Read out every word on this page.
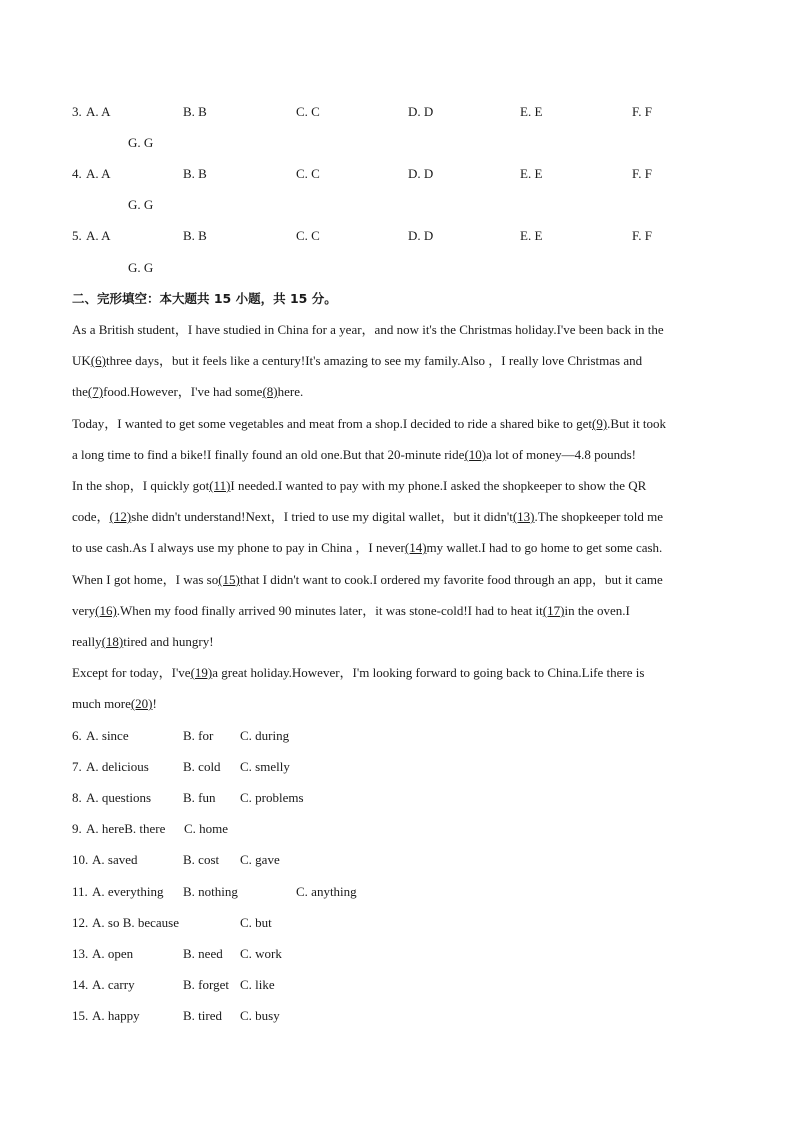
3. A. A	B. B	C. C	D. D	E. E	F. F
G. G
4. A. A	B. B	C. C	D. D	E. E	F. F
G. G
5. A. A	B. B	C. C	D. D	E. E	F. F
G. G
二、完形填空：本大题共 15 小题，共 15 分。
As a British student，I have studied in China for a year，and now it's the Christmas holiday.I've been back in the
UK(6)three days，but it feels like a century!It's amazing to see my family.Also ，I really love Christmas and
the(7)food.However，I've had some(8)here.
Today，I wanted to get some vegetables and meat from a shop.I decided to ride a shared bike to get(9).But it took
a long time to find a bike!I finally found an old one.But that 20-minute ride(10)a lot of money—4.8 pounds!
In the shop，I quickly got(11)I needed.I wanted to pay with my phone.I asked the shopkeeper to show the QR
code，(12)she didn't understand!Next，I tried to use my digital wallet，but it didn't(13).The shopkeeper told me
to use cash.As I always use my phone to pay in China ，I never(14)my wallet.I had to go home to get some cash.
When I got home，I was so(15)that I didn't want to cook.I ordered my favorite food through an app，but it came
very(16).When my food finally arrived 90 minutes later，it was stone-cold!I had to heat it(17)in the oven.I
really(18)tired and hungry!
Except for today，I've(19)a great holiday.However，I'm looking forward to going back to China.Life there is
much more(20)!
6. A. since	B. for C. during
7. A. delicious	B. cold C. smelly
8. A. questions B. fun C. problems
9. A. hereB. there C. home
10. A. saved	B. cost C. gave
11. A. everything B. nothing	C. anything
12. A. so B. because	C. but
13. A. open	B. need C. work
14. A. carry	B. forget C. like
15. A. happy	B. tired C. busy
